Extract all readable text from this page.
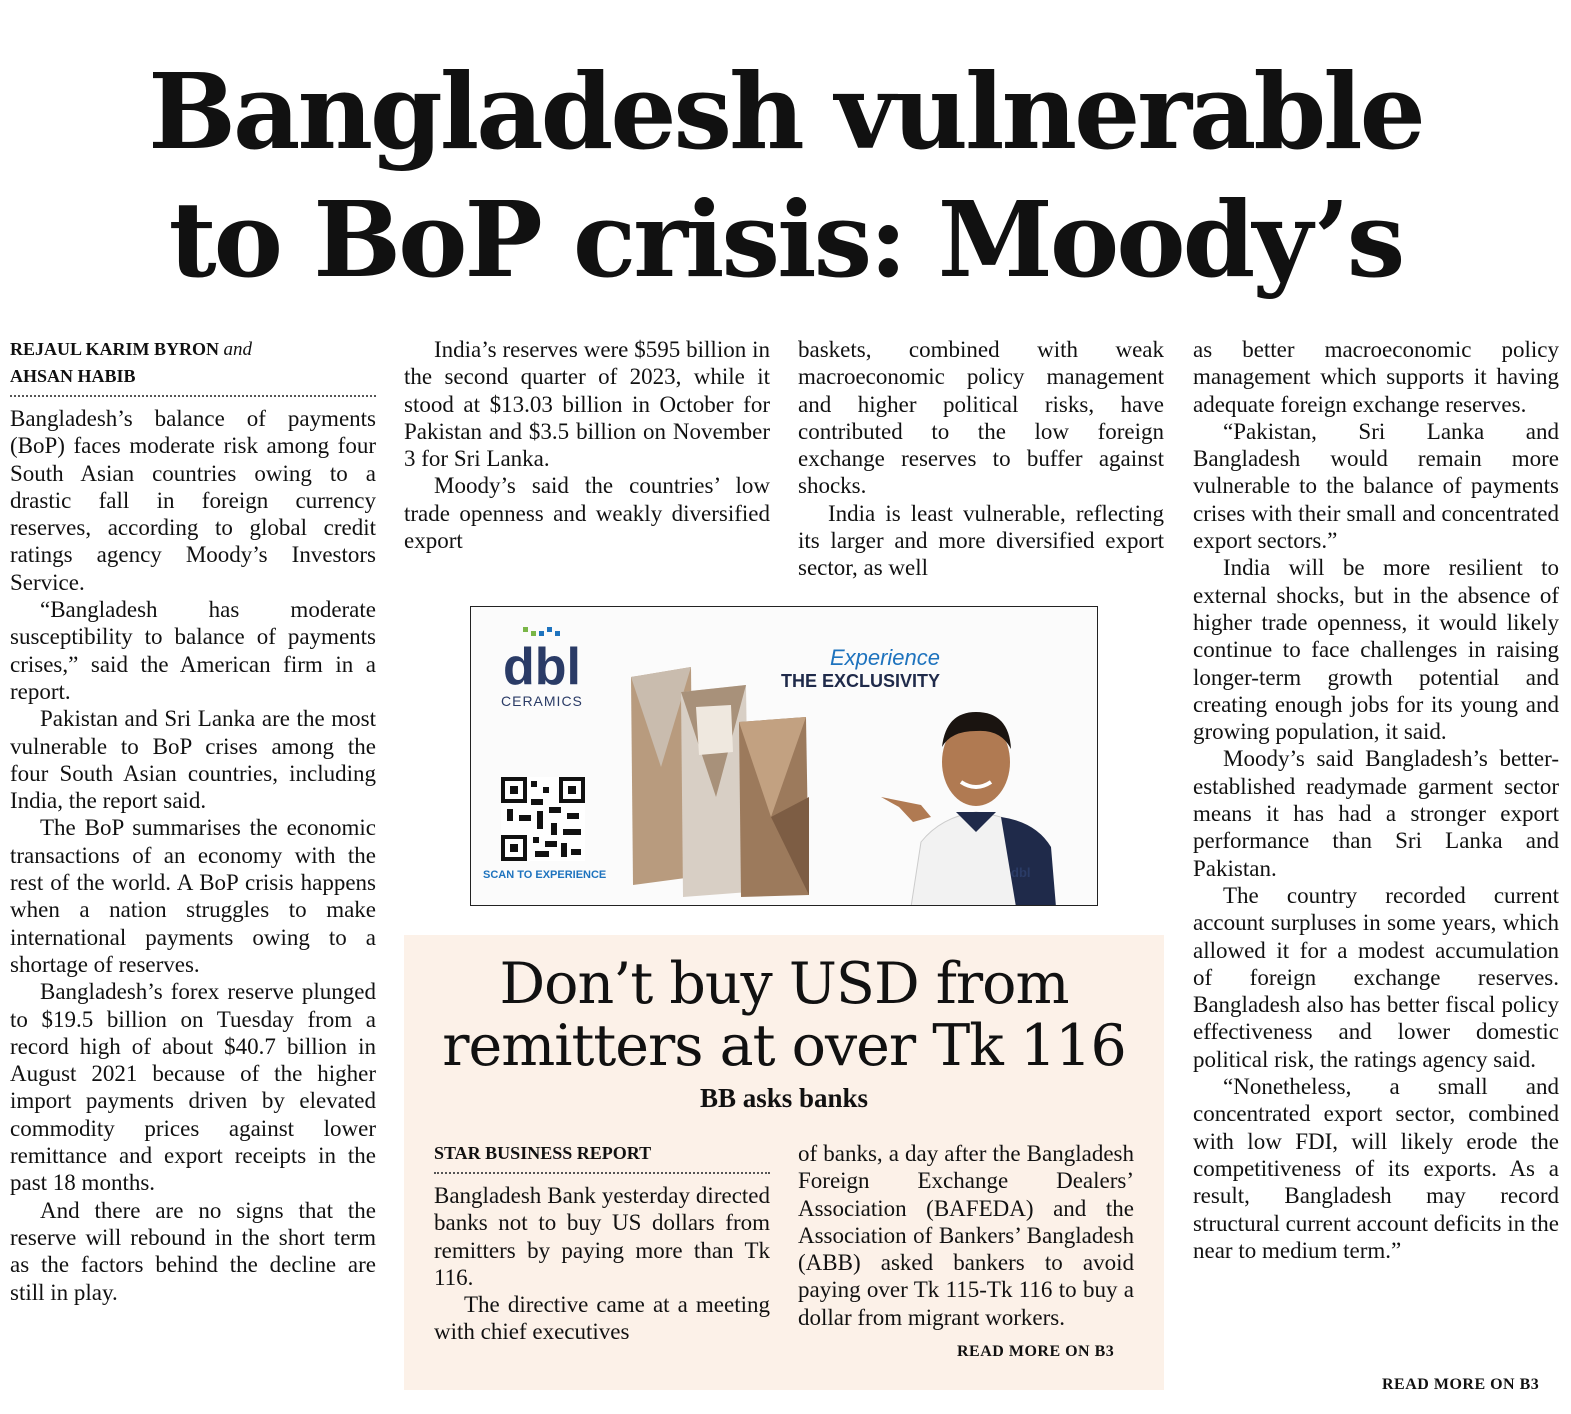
Bangladesh vulnerable
to BoP crisis: Moody’s
REJAUL KARIM BYRON and
AHSAN HABIB

Bangladesh’s balance of payments (BoP) faces moderate risk among four South Asian countries owing to a drastic fall in foreign currency reserves, according to global credit ratings agency Moody’s Investors Service.

“Bangladesh has moderate susceptibility to balance of payments crises,” said the American firm in a report.

Pakistan and Sri Lanka are the most vulnerable to BoP crises among the four South Asian countries, including India, the report said.

The BoP summarises the economic transactions of an economy with the rest of the world. A BoP crisis happens when a nation struggles to make international payments owing to a shortage of reserves.

Bangladesh’s forex reserve plunged to $19.5 billion on Tuesday from a record high of about $40.7 billion in August 2021 because of the higher import payments driven by elevated commodity prices against lower remittance and export receipts in the past 18 months.

And there are no signs that the reserve will rebound in the short term as the factors behind the decline are still in play.

India’s reserves were $595 billion in the second quarter of 2023, while it stood at $13.03 billion in October for Pakistan and $3.5 billion on November 3 for Sri Lanka.

Moody’s said the countries’ low trade openness and weakly diversified export

baskets, combined with weak macroeconomic policy management and higher political risks, have contributed to the low foreign exchange reserves to buffer against shocks.

India is least vulnerable, reflecting its larger and more diversified export sector, as well

as better macroeconomic policy management which supports it having adequate foreign exchange reserves.

“Pakistan, Sri Lanka and Bangladesh would remain more vulnerable to the balance of payments crises with their small and concentrated export sectors.”

India will be more resilient to external shocks, but in the absence of higher trade openness, it would likely continue to face challenges in raising longer-term growth potential and creating enough jobs for its young and growing population, it said.

Moody’s said Bangladesh’s better-established readymade garment sector means it has had a stronger export performance than Sri Lanka and Pakistan.

The country recorded current account surpluses in some years, which allowed it for a modest accumulation of foreign exchange reserves. Bangladesh also has better fiscal policy effectiveness and lower domestic political risk, the ratings agency said.

“Nonetheless, a small and concentrated export sector, combined with low FDI, will likely erode the competitiveness of its exports. As a result, Bangladesh may record structural current account deficits in the near to medium term.”

READ MORE ON B3
dbl
CERAMICS
Experience
THE EXCLUSIVITY
SCAN TO EXPERIENCE	dbl
Don’t buy USD from
remitters at over Tk 116
BB asks banks
STAR BUSINESS REPORT

Bangladesh Bank yesterday directed banks not to buy US dollars from remitters by paying more than Tk 116.

The directive came at a meeting with chief executives

of banks, a day after the Bangladesh Foreign Exchange Dealers’ Association (BAFEDA) and the Association of Bankers’ Bangladesh (ABB) asked bankers to avoid paying over Tk 115-Tk 116 to buy a dollar from migrant workers.

READ MORE ON B3
